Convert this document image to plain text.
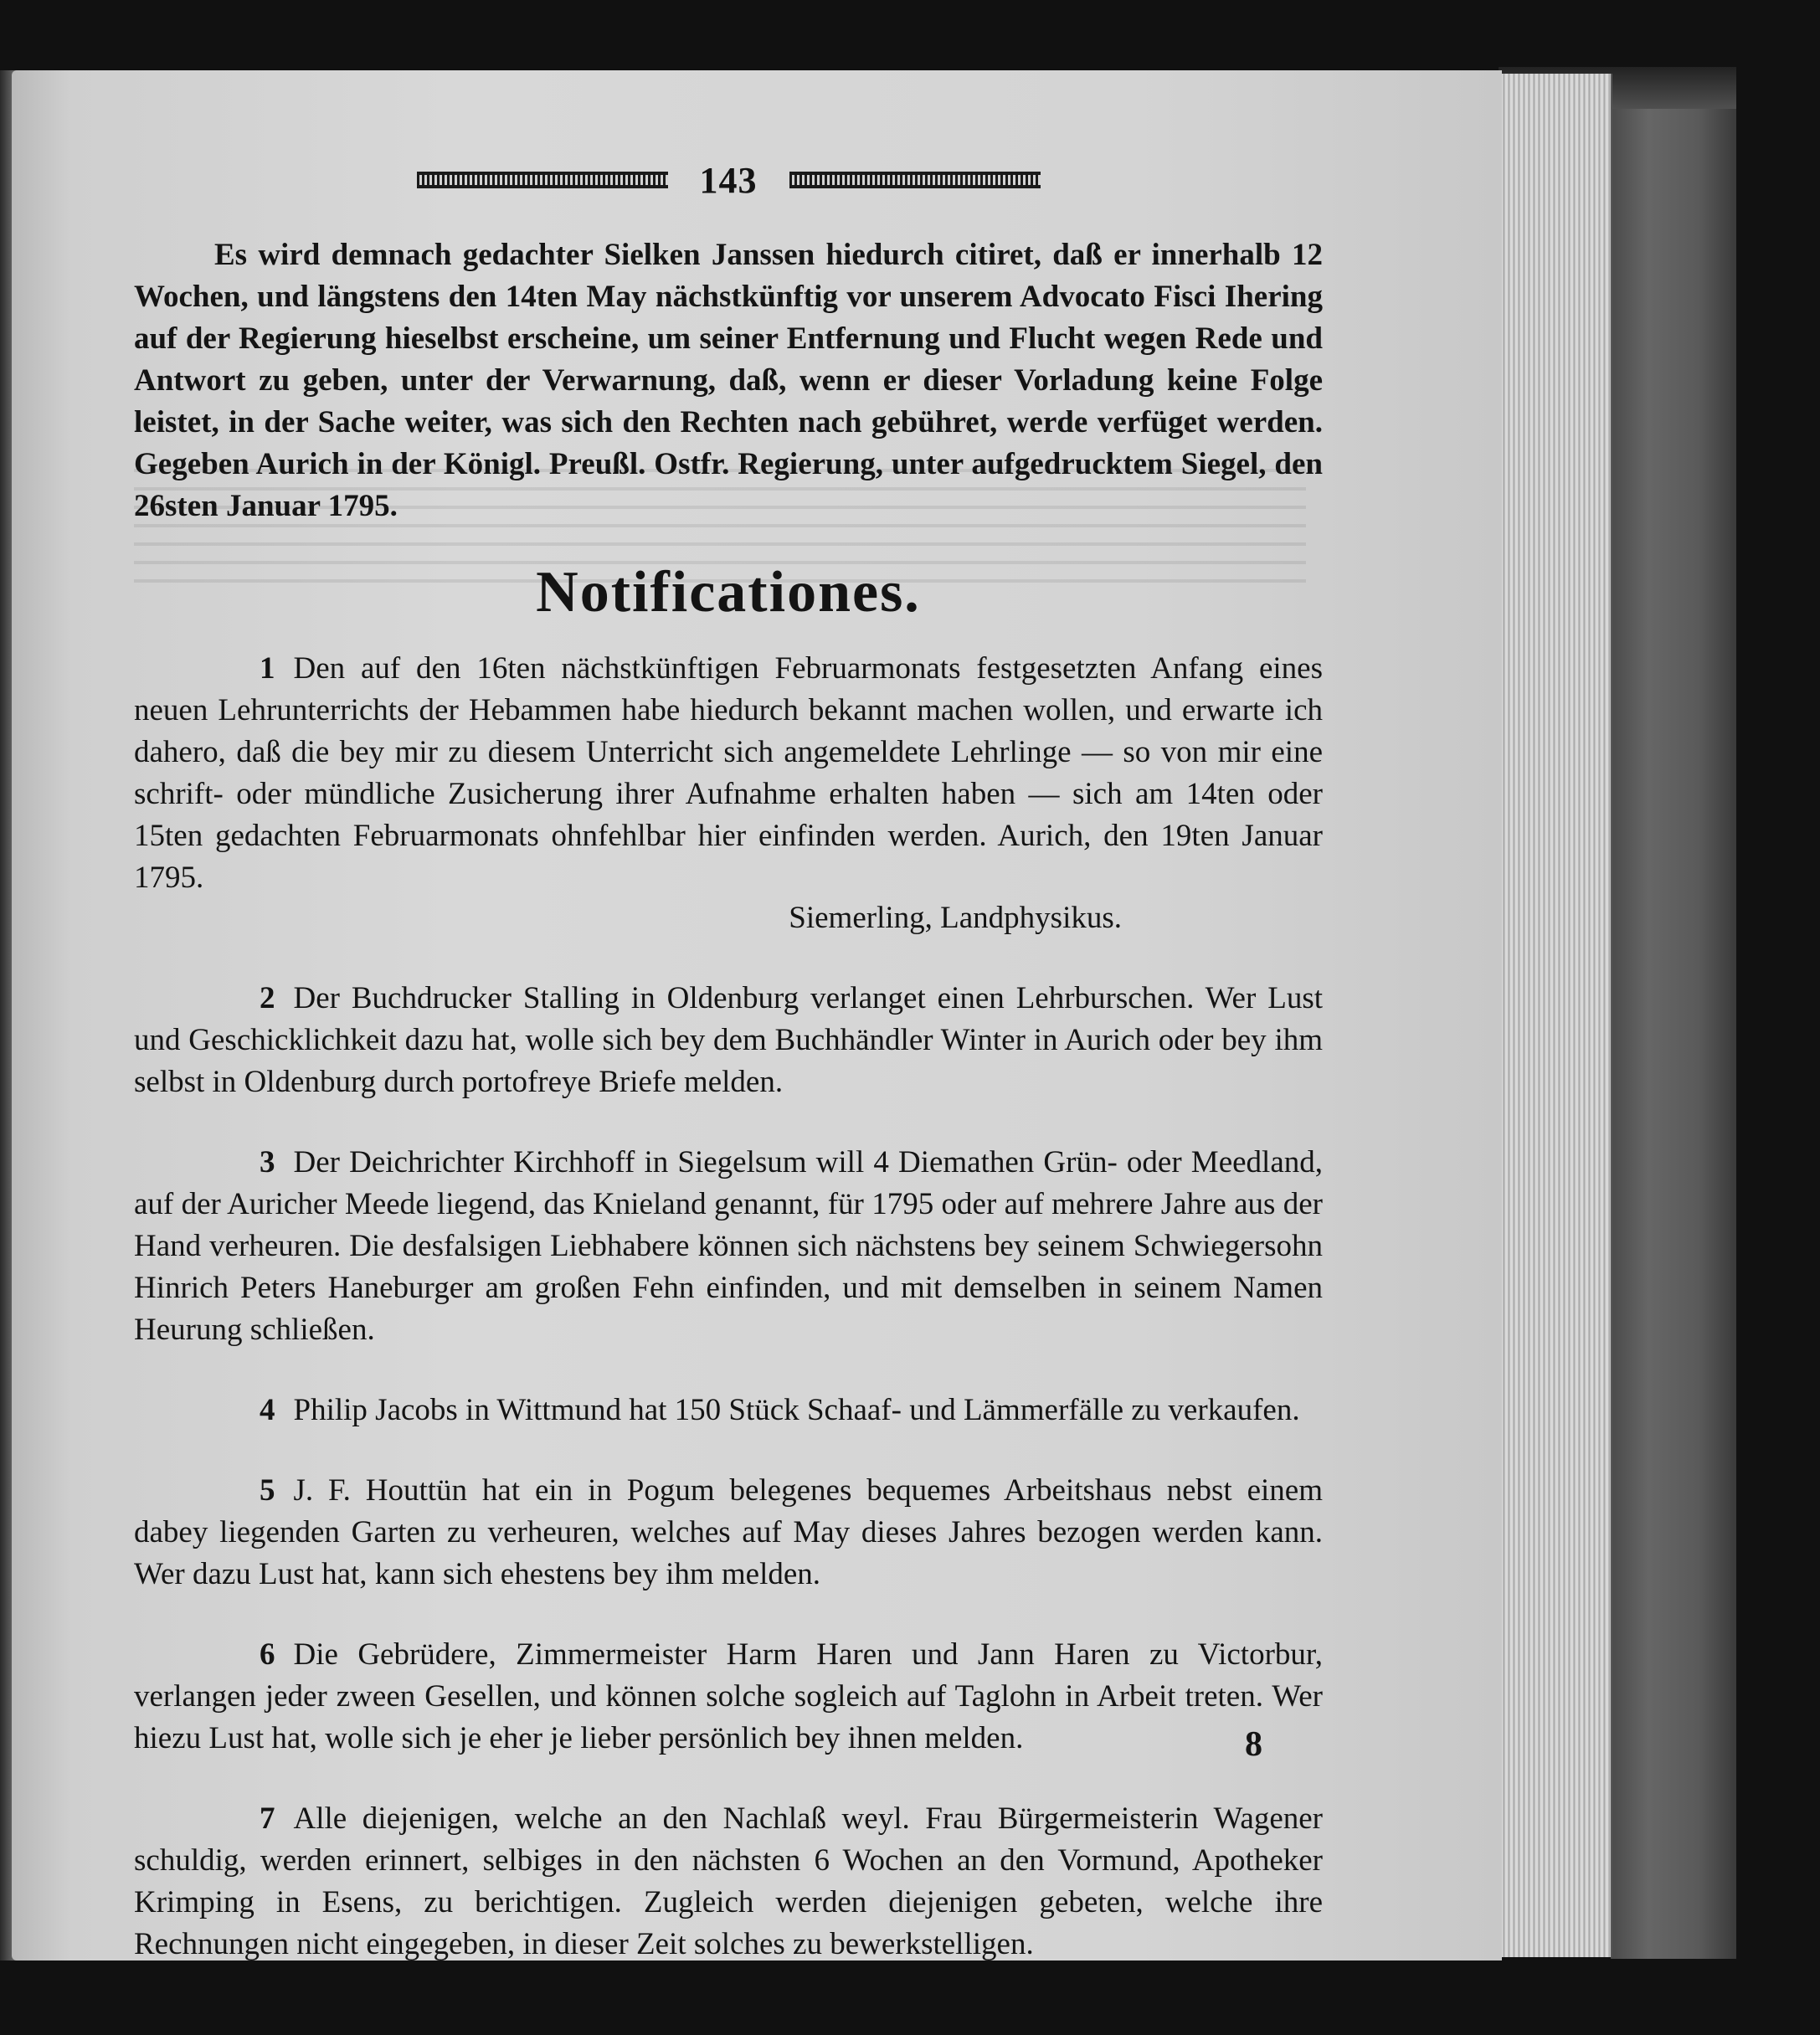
143

Es wird demnach gedachter Sielken Janssen hiedurch citiret, daß er innerhalb 12 Wochen, und längstens den 14ten May nächstkünftig vor unserem Advocato Fisci Ihering auf der Regierung hieselbst erscheine, um seiner Entfernung und Flucht wegen Rede und Antwort zu geben, unter der Verwarnung, daß, wenn er dieser Vorladung keine Folge leistet, in der Sache weiter, was sich den Rechten nach gebühret, werde verfüget werden. Gegeben Aurich in der Königl. Preußl. Ostfr. Regierung, unter aufgedrucktem Siegel, den 26sten Januar 1795.

Notificationes.

1 Den auf den 16ten nächstkünftigen Februarmonats festgesetzten Anfang eines neuen Lehrunterrichts der Hebammen habe hiedurch bekannt machen wollen, und erwarte ich dahero, daß die bey mir zu diesem Unterricht sich angemeldete Lehrlinge — so von mir eine schrift- oder mündliche Zusicherung ihrer Aufnahme erhalten haben — sich am 14ten oder 15ten gedachten Februarmonats ohnfehlbar hier einfinden werden. Aurich, den 19ten Januar 1795.

Siemerling, Landphysikus.

2 Der Buchdrucker Stalling in Oldenburg verlanget einen Lehrburschen. Wer Lust und Geschicklichkeit dazu hat, wolle sich bey dem Buchhändler Winter in Aurich oder bey ihm selbst in Oldenburg durch portofreye Briefe melden.

3 Der Deichrichter Kirchhoff in Siegelsum will 4 Diemathen Grün- oder Meedland, auf der Auricher Meede liegend, das Knieland genannt, für 1795 oder auf mehrere Jahre aus der Hand verheuren. Die desfalsigen Liebhabere können sich nächstens bey seinem Schwiegersohn Hinrich Peters Haneburger am großen Fehn einfinden, und mit demselben in seinem Namen Heurung schließen.

4 Philip Jacobs in Wittmund hat 150 Stück Schaaf- und Lämmerfälle zu verkaufen.

5 J. F. Houttün hat ein in Pogum belegenes bequemes Arbeitshaus nebst einem dabey liegenden Garten zu verheuren, welches auf May dieses Jahres bezogen werden kann. Wer dazu Lust hat, kann sich ehestens bey ihm melden.

6 Die Gebrüdere, Zimmermeister Harm Haren und Jann Haren zu Victorbur, verlangen jeder zween Gesellen, und können solche sogleich auf Taglohn in Arbeit treten. Wer hiezu Lust hat, wolle sich je eher je lieber persönlich bey ihnen melden.

7 Alle diejenigen, welche an den Nachlaß weyl. Frau Bürgermeisterin Wagener schuldig, werden erinnert, selbiges in den nächsten 6 Wochen an den Vormund, Apotheker Krimping in Esens, zu berichtigen. Zugleich werden diejenigen gebeten, welche ihre Rechnungen nicht eingegeben, in dieser Zeit solches zu bewerkstelligen.

8
